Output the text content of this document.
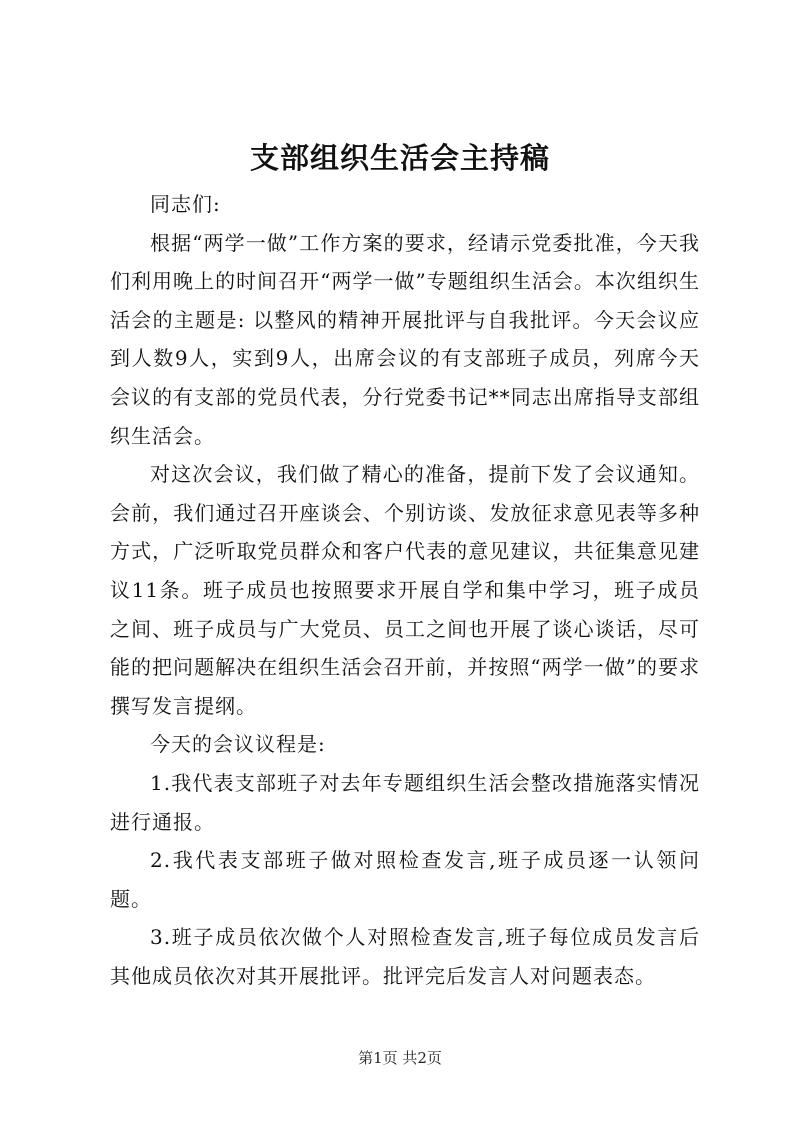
支部组织生活会主持稿

同志们:

根据“两学一做”工作方案的要求，经请示党委批准，今天我们利用晚上的时间召开“两学一做”专题组织生活会。本次组织生活会的主题是: 以整风的精神开展批评与自我批评。今天会议应到人数9人，实到9人，出席会议的有支部班子成员，列席今天会议的有支部的党员代表，分行党委书记**同志出席指导支部组织生活会。

对这次会议，我们做了精心的准备，提前下发了会议通知。会前，我们通过召开座谈会、个别访谈、发放征求意见表等多种方式，广泛听取党员群众和客户代表的意见建议，共征集意见建议11条。班子成员也按照要求开展自学和集中学习，班子成员之间、班子成员与广大党员、员工之间也开展了谈心谈话，尽可能的把问题解决在组织生活会召开前，并按照“两学一做”的要求撰写发言提纲。

今天的会议议程是:

1.我代表支部班子对去年专题组织生活会整改措施落实情况进行通报。

2.我代表支部班子做对照检查发言,班子成员逐一认领问题。

3.班子成员依次做个人对照检查发言,班子每位成员发言后其他成员依次对其开展批评。批评完后发言人对问题表态。

第1页 共2页
